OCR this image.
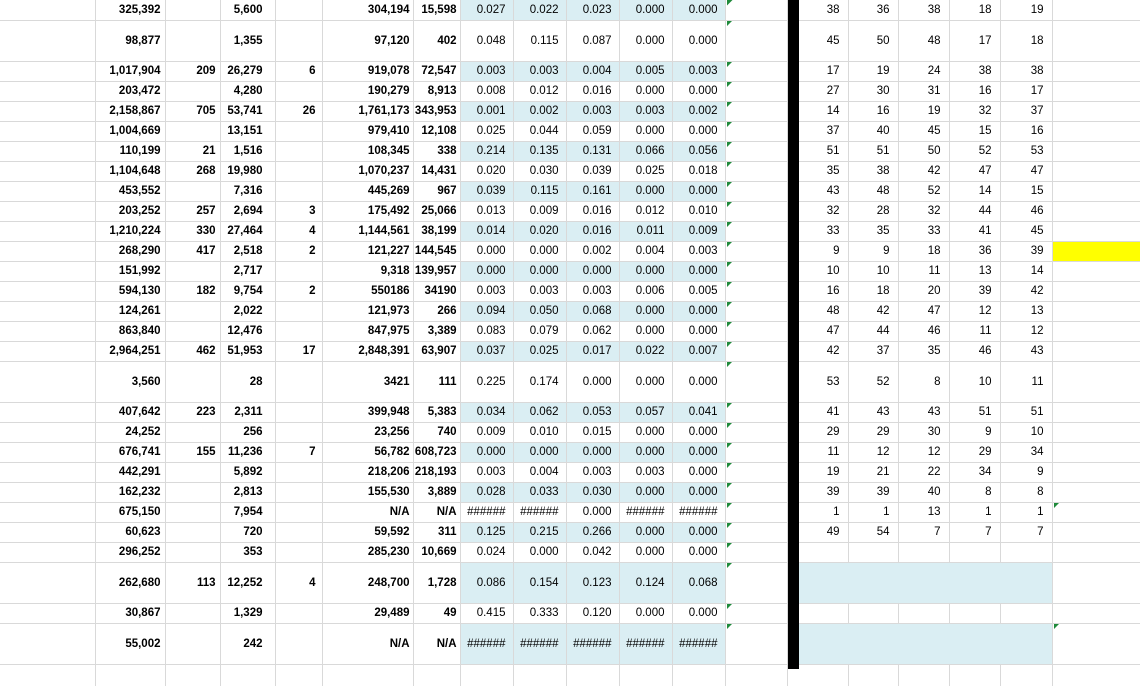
	325,392		5,600		304,194	15,598	0.027	0.022	0.023	0.000	0.000			38	36	38	18	19	
	98,877		1,355		97,120	402	0.048	0.115	0.087	0.000	0.000			45	50	48	17	18	
	1,017,904	209	26,279	6	919,078	72,547	0.003	0.003	0.004	0.005	0.003			17	19	24	38	38	
	203,472		4,280		190,279	8,913	0.008	0.012	0.016	0.000	0.000			27	30	31	16	17	
	2,158,867	705	53,741	26	1,761,173	343,953	0.001	0.002	0.003	0.003	0.002			14	16	19	32	37	
	1,004,669		13,151		979,410	12,108	0.025	0.044	0.059	0.000	0.000			37	40	45	15	16	
	110,199	21	1,516		108,345	338	0.214	0.135	0.131	0.066	0.056			51	51	50	52	53	
	1,104,648	268	19,980		1,070,237	14,431	0.020	0.030	0.039	0.025	0.018			35	38	42	47	47	
	453,552		7,316		445,269	967	0.039	0.115	0.161	0.000	0.000			43	48	52	14	15	
	203,252	257	2,694	3	175,492	25,066	0.013	0.009	0.016	0.012	0.010			32	28	32	44	46	
	1,210,224	330	27,464	4	1,144,561	38,199	0.014	0.020	0.016	0.011	0.009			33	35	33	41	45	
	268,290	417	2,518	2	121,227	144,545	0.000	0.000	0.002	0.004	0.003			9	9	18	36	39	
	151,992		2,717		9,318	139,957	0.000	0.000	0.000	0.000	0.000			10	10	11	13	14	
	594,130	182	9,754	2	550186	34190	0.003	0.003	0.003	0.006	0.005			16	18	20	39	42	
	124,261		2,022		121,973	266	0.094	0.050	0.068	0.000	0.000			48	42	47	12	13	
	863,840		12,476		847,975	3,389	0.083	0.079	0.062	0.000	0.000			47	44	46	11	12	
	2,964,251	462	51,953	17	2,848,391	63,907	0.037	0.025	0.017	0.022	0.007			42	37	35	46	43	
	3,560		28		3421	111	0.225	0.174	0.000	0.000	0.000			53	52	8	10	11	
	407,642	223	2,311		399,948	5,383	0.034	0.062	0.053	0.057	0.041			41	43	43	51	51	
	24,252		256		23,256	740	0.009	0.010	0.015	0.000	0.000			29	29	30	9	10	
	676,741	155	11,236	7	56,782	608,723	0.000	0.000	0.000	0.000	0.000			11	12	12	29	34	
	442,291		5,892		218,206	218,193	0.003	0.004	0.003	0.003	0.000			19	21	22	34	9	
	162,232		2,813		155,530	3,889	0.028	0.033	0.030	0.000	0.000			39	39	40	8	8	
	675,150		7,954		N/A	N/A	######	######	0.000	######	######			1	1	13	1	1	

	60,623		720		59,592	311	0.125	0.215	0.266	0.000	0.000			49	54	7	7	7	
	296,252		353		285,230	10,669	0.024	0.000	0.042	0.000	0.000	

	262,680	113	12,252	4	248,700	1,728	0.086	0.154	0.123	0.124	0.068					

	30,867		1,329		29,489	49	0.415	0.333	0.120	0.000	0.000	

	55,002		242		N/A	N/A	######	######	######	######	######					
